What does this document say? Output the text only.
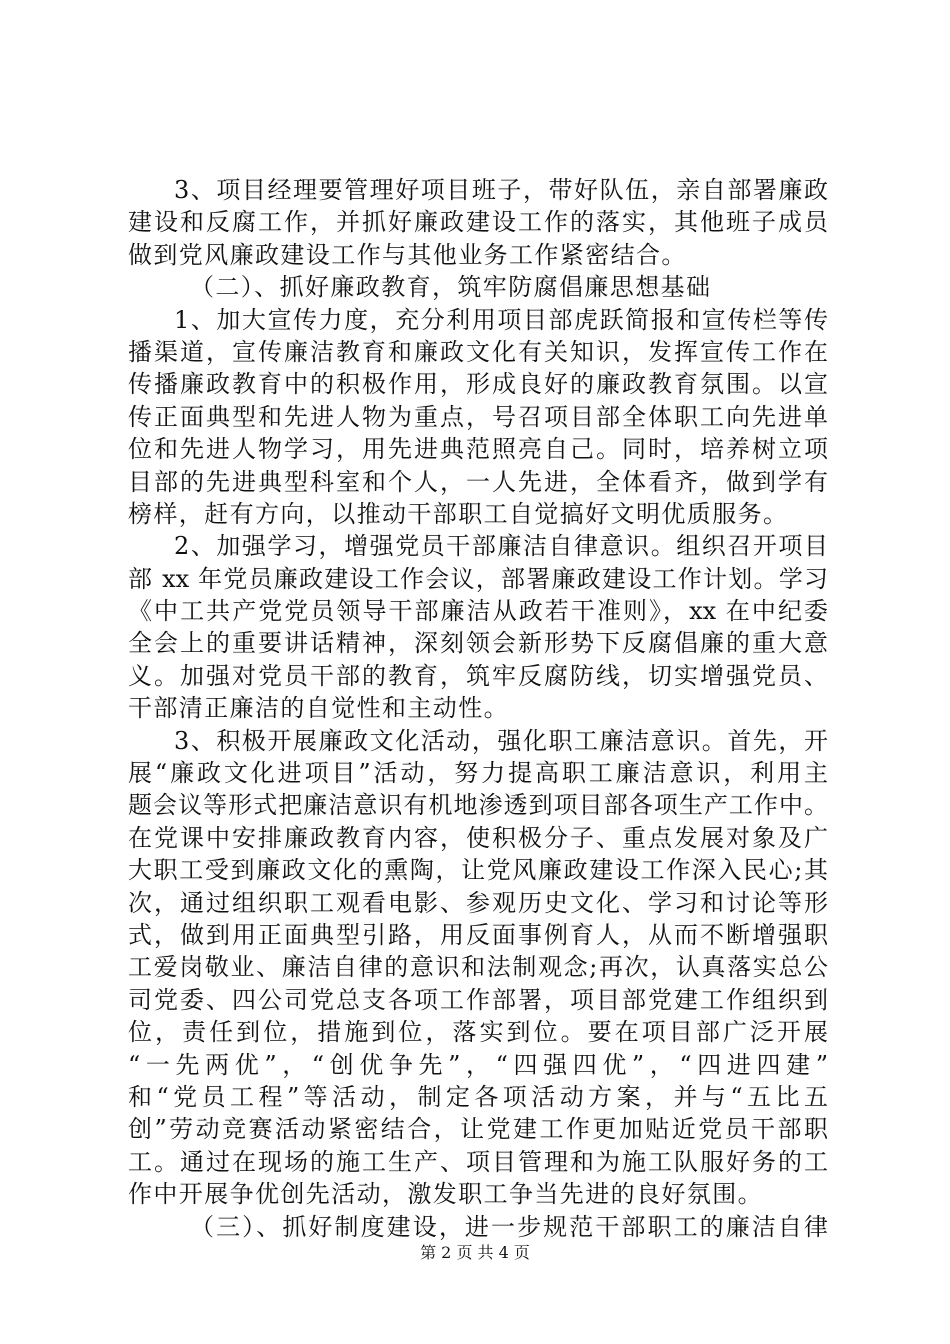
3、项目经理要管理好项目班子，带好队伍，亲自部署廉政
建设和反腐工作，并抓好廉政建设工作的落实，其他班子成员
做到党风廉政建设工作与其他业务工作紧密结合。
（二）、抓好廉政教育，筑牢防腐倡廉思想基础
1、加大宣传力度，充分利用项目部虎跃简报和宣传栏等传
播渠道，宣传廉洁教育和廉政文化有关知识，发挥宣传工作在
传播廉政教育中的积极作用，形成良好的廉政教育氛围。以宣
传正面典型和先进人物为重点，号召项目部全体职工向先进单
位和先进人物学习，用先进典范照亮自己。同时，培养树立项
目部的先进典型科室和个人，一人先进，全体看齐，做到学有
榜样，赶有方向，以推动干部职工自觉搞好文明优质服务。
2、加强学习，增强党员干部廉洁自律意识。组织召开项目
部 xx 年党员廉政建设工作会议，部署廉政建设工作计划。学习
《中工共产党党员领导干部廉洁从政若干准则》，xx 在中纪委
全会上的重要讲话精神，深刻领会新形势下反腐倡廉的重大意
义。加强对党员干部的教育，筑牢反腐防线，切实增强党员、
干部清正廉洁的自觉性和主动性。
3、积极开展廉政文化活动，强化职工廉洁意识。首先，开
展“廉政文化进项目”活动，努力提高职工廉洁意识，利用主
题会议等形式把廉洁意识有机地渗透到项目部各项生产工作中。
在党课中安排廉政教育内容，使积极分子、重点发展对象及广
大职工受到廉政文化的熏陶，让党风廉政建设工作深入民心;其
次，通过组织职工观看电影、参观历史文化、学习和讨论等形
式，做到用正面典型引路，用反面事例育人，从而不断增强职
工爱岗敬业、廉洁自律的意识和法制观念;再次，认真落实总公
司党委、四公司党总支各项工作部署，项目部党建工作组织到
位，责任到位，措施到位，落实到位。要在项目部广泛开展
“一先两优”，“创优争先”，“四强四优”，“四进四建”
和“党员工程”等活动，制定各项活动方案，并与“五比五
创”劳动竞赛活动紧密结合，让党建工作更加贴近党员干部职
工。通过在现场的施工生产、项目管理和为施工队服好务的工
作中开展争优创先活动，激发职工争当先进的良好氛围。
（三）、抓好制度建设，进一步规范干部职工的廉洁自律
第 2 页 共 4 页
